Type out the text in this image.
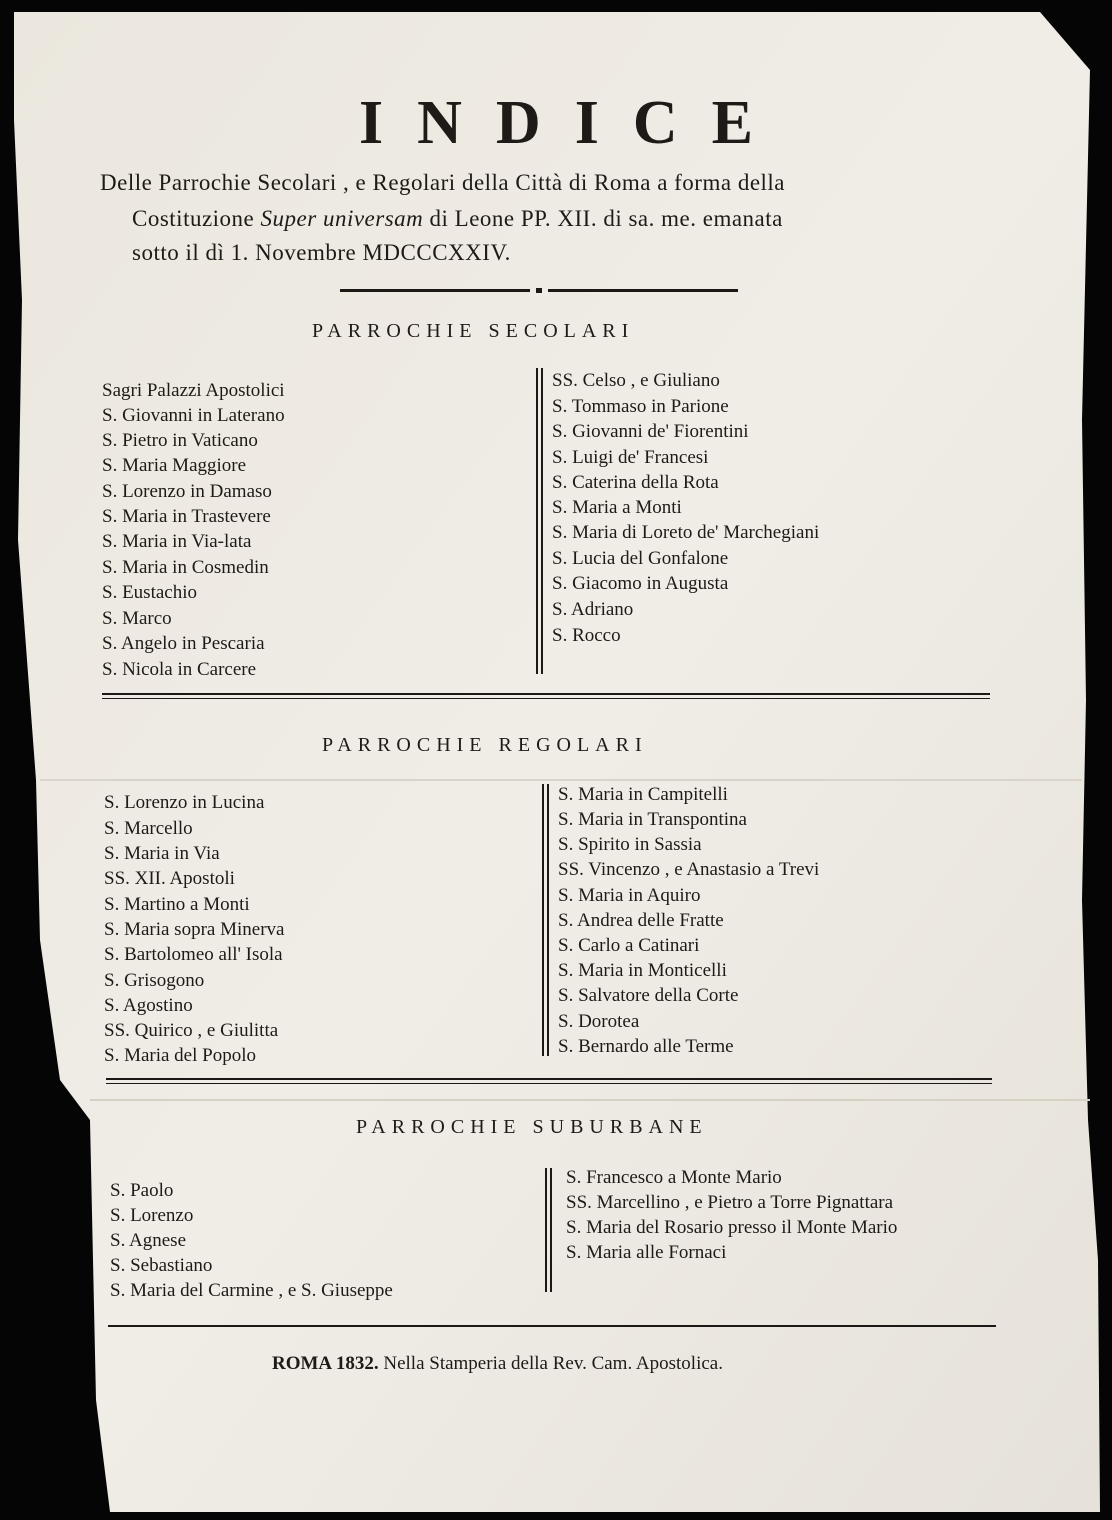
INDICE
Delle Parrochie Secolari , e Regolari della Città di Roma a forma della
Costituzione Super universam di Leone PP. XII. di sa. me. emanata
sotto il dì 1. Novembre MDCCCXXIV.
PARROCHIE SECOLARI
Sagri Palazzi Apostolici
S. Giovanni in Laterano
S. Pietro in Vaticano
S. Maria Maggiore
S. Lorenzo in Damaso
S. Maria in Trastevere
S. Maria in Via-lata
S. Maria in Cosmedin
S. Eustachio
S. Marco
S. Angelo in Pescaria
S. Nicola in Carcere
SS. Celso , e Giuliano
S. Tommaso in Parione
S. Giovanni de' Fiorentini
S. Luigi de' Francesi
S. Caterina della Rota
S. Maria a Monti
S. Maria di Loreto de' Marchegiani
S. Lucia del Gonfalone
S. Giacomo in Augusta
S. Adriano
S. Rocco
PARROCHIE REGOLARI
S. Lorenzo in Lucina
S. Marcello
S. Maria in Via
SS. XII. Apostoli
S. Martino a Monti
S. Maria sopra Minerva
S. Bartolomeo all' Isola
S. Grisogono
S. Agostino
SS. Quirico , e Giulitta
S. Maria del Popolo
S. Maria in Campitelli
S. Maria in Transpontina
S. Spirito in Sassia
SS. Vincenzo , e Anastasio a Trevi
S. Maria in Aquiro
S. Andrea delle Fratte
S. Carlo a Catinari
S. Maria in Monticelli
S. Salvatore della Corte
S. Dorotea
S. Bernardo alle Terme
PARROCHIE SUBURBANE
S. Paolo
S. Lorenzo
S. Agnese
S. Sebastiano
S. Maria del Carmine , e S. Giuseppe
S. Francesco a Monte Mario
SS. Marcellino , e Pietro a Torre Pignattara
S. Maria del Rosario presso il Monte Mario
S. Maria alle Fornaci
ROMA 1832. Nella Stamperia della Rev. Cam. Apostolica.
